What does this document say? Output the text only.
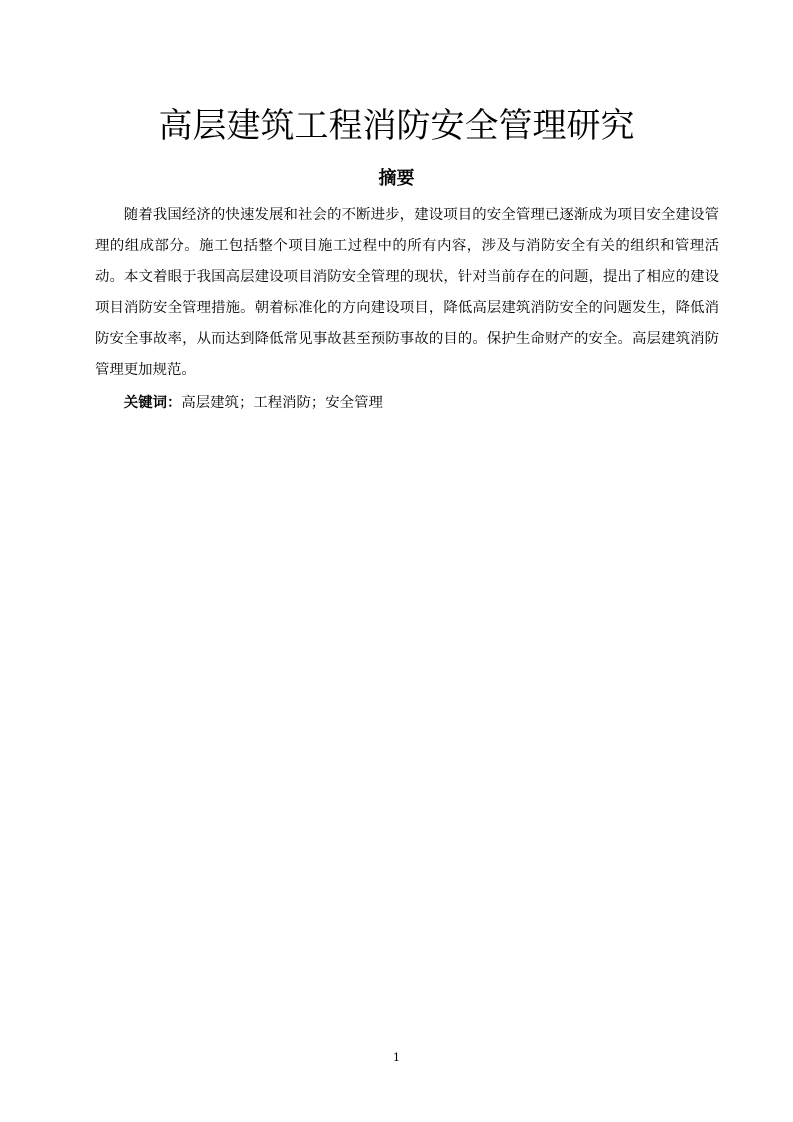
高层建筑工程消防安全管理研究
摘要

随着我国经济的快速发展和社会的不断进步，建设项目的安全管理已逐渐成为项目安全建设管理的组成部分。施工包括整个项目施工过程中的所有内容，涉及与消防安全有关的组织和管理活动。本文着眼于我国高层建设项目消防安全管理的现状，针对当前存在的问题，提出了相应的建设项目消防安全管理措施。朝着标准化的方向建设项目，降低高层建筑消防安全的问题发生，降低消防安全事故率，从而达到降低常见事故甚至预防事故的目的。保护生命财产的安全。高层建筑消防管理更加规范。

关键词：高层建筑；工程消防；安全管理

1
